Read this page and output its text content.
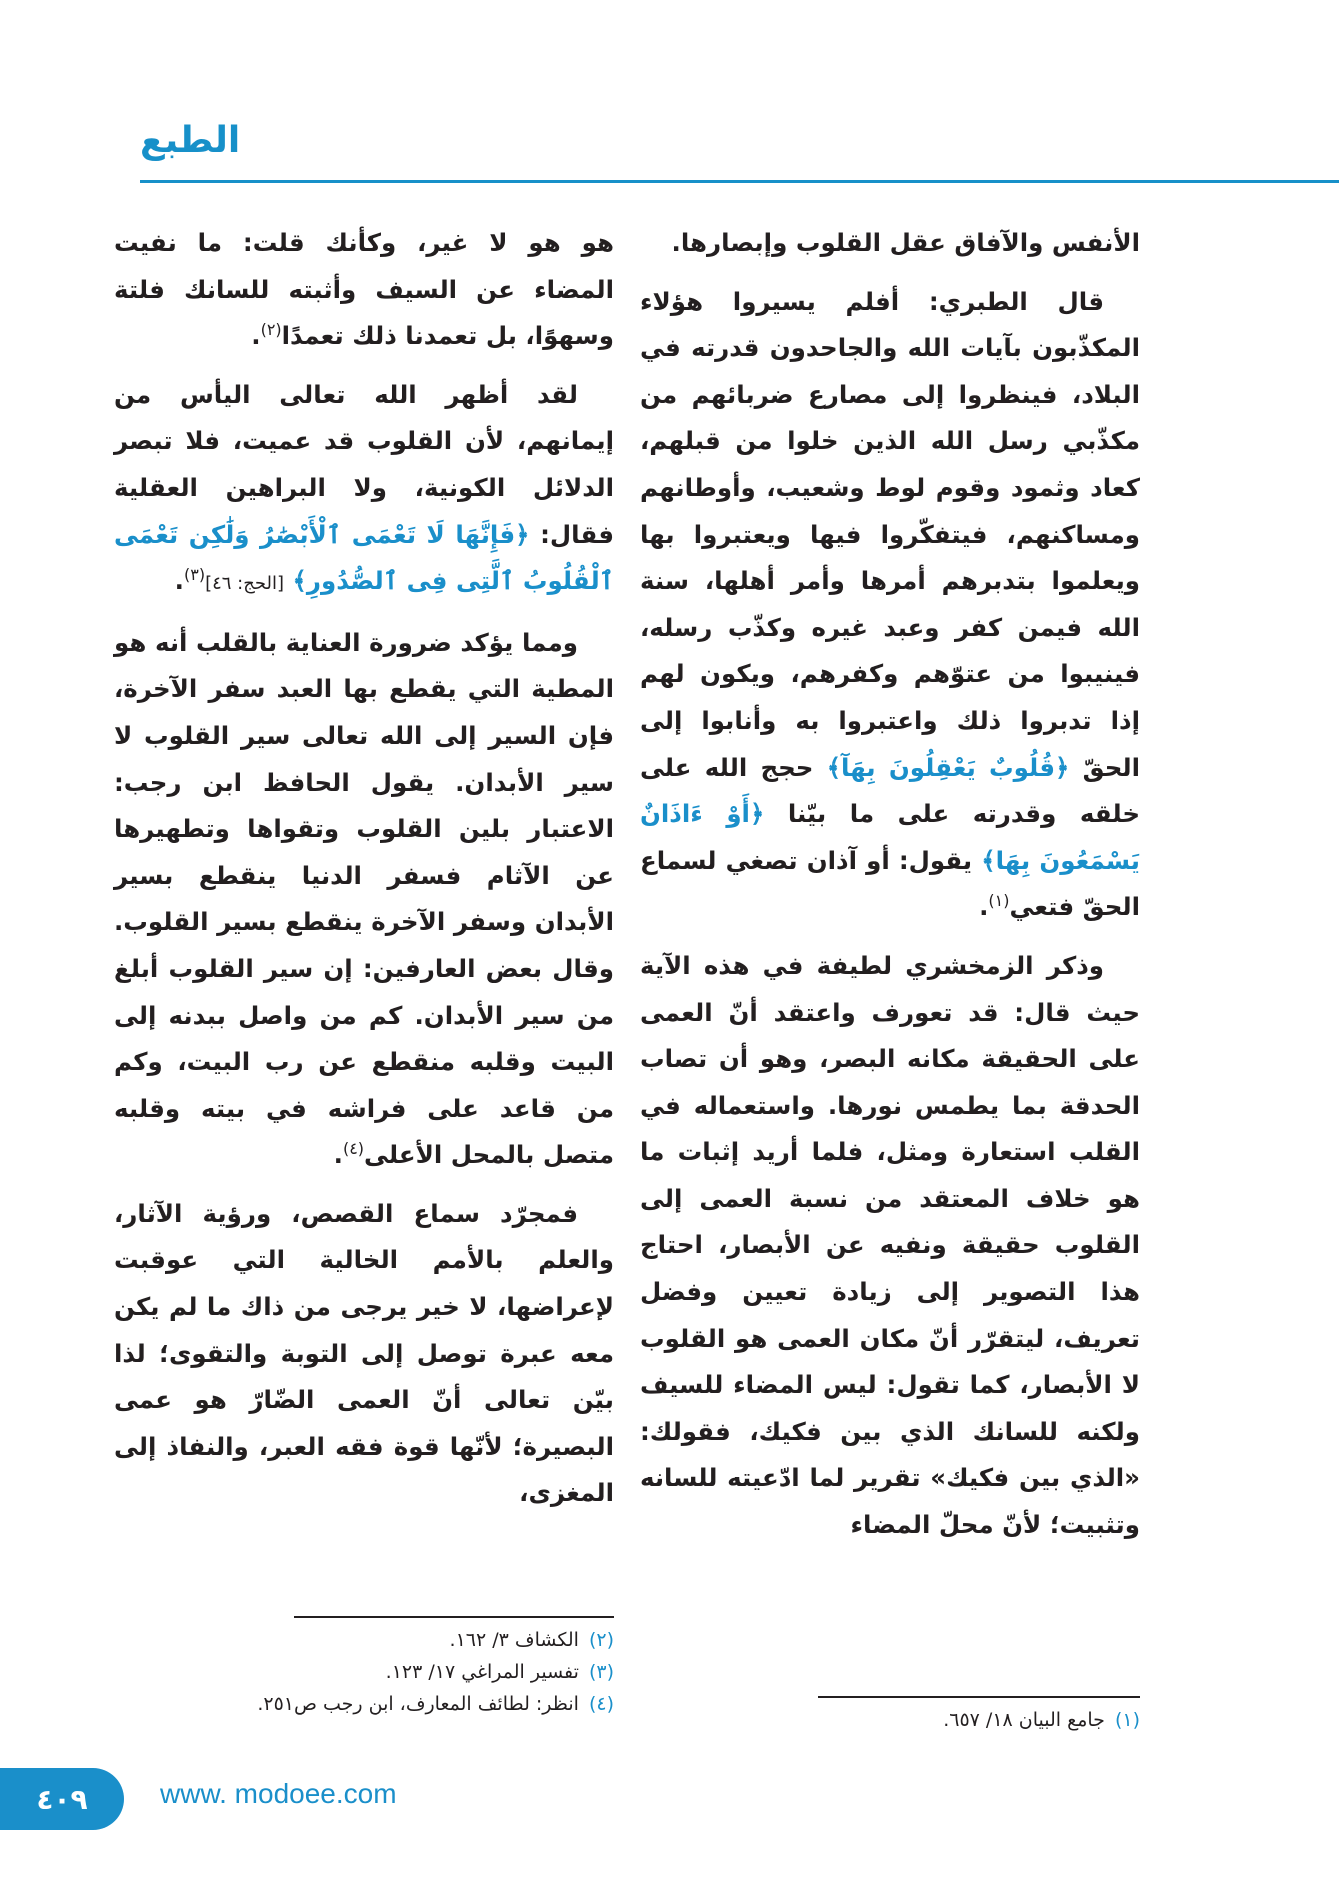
الطبع

الأنفس والآفاق عقل القلوب وإبصارها.

قال الطبري: أفلم يسيروا هؤلاء المكذّبون بآيات الله والجاحدون قدرته في البلاد، فينظروا إلى مصارع ضربائهم من مكذّبي رسل الله الذين خلوا من قبلهم، كعاد وثمود وقوم لوط وشعيب، وأوطانهم ومساكنهم، فيتفكّروا فيها ويعتبروا بها ويعلموا بتدبرهم أمرها وأمر أهلها، سنة الله فيمن كفر وعبد غيره وكذّب رسله، فينيبوا من عتوّهم وكفرهم، ويكون لهم إذا تدبروا ذلك واعتبروا به وأنابوا إلى الحقّ ﴿قُلُوبٌ يَعْقِلُونَ بِهَآ﴾ حجج الله على خلقه وقدرته على ما بيّنا ﴿أَوْ ءَاذَانٌ يَسْمَعُونَ بِهَا﴾ يقول: أو آذان تصغي لسماع الحقّ فتعي$^{(١)}$.

وذكر الزمخشري لطيفة في هذه الآية حيث قال: قد تعورف واعتقد أنّ العمى على الحقيقة مكانه البصر، وهو أن تصاب الحدقة بما يطمس نورها. واستعماله في القلب استعارة ومثل، فلما أريد إثبات ما هو خلاف المعتقد من نسبة العمى إلى القلوب حقيقة ونفيه عن الأبصار، احتاج هذا التصوير إلى زيادة تعيين وفضل تعريف، ليتقرّر أنّ مكان العمى هو القلوب لا الأبصار، كما تقول: ليس المضاء للسيف ولكنه للسانك الذي بين فكيك، فقولك: «الذي بين فكيك» تقرير لما ادّعيته للسانه وتثبيت؛ لأنّ محلّ المضاء

هو هو لا غير، وكأنك قلت: ما نفيت المضاء عن السيف وأثبته للسانك فلتة وسهوًا، بل تعمدنا ذلك تعمدًا$^{(٢)}$.

لقد أظهر الله تعالى اليأس من إيمانهم، لأن القلوب قد عميت، فلا تبصر الدلائل الكونية، ولا البراهين العقلية فقال: ﴿فَإِنَّهَا لَا تَعْمَى ٱلْأَبْصَٰرُ وَلَٰكِن تَعْمَى ٱلْقُلُوبُ ٱلَّتِى فِى ٱلصُّدُورِ﴾ [الحج: ٤٦]$^{(٣)}$.

ومما يؤكد ضرورة العناية بالقلب أنه هو المطية التي يقطع بها العبد سفر الآخرة، فإن السير إلى الله تعالى سير القلوب لا سير الأبدان. يقول الحافظ ابن رجب: الاعتبار بلين القلوب وتقواها وتطهيرها عن الآثام فسفر الدنيا ينقطع بسير الأبدان وسفر الآخرة ينقطع بسير القلوب. وقال بعض العارفين: إن سير القلوب أبلغ من سير الأبدان. كم من واصل ببدنه إلى البيت وقلبه منقطع عن رب البيت، وكم من قاعد على فراشه في بيته وقلبه متصل بالمحل الأعلى$^{(٤)}$.

فمجرّد سماع القصص، ورؤية الآثار، والعلم بالأمم الخالية التي عوقبت لإعراضها، لا خير يرجى من ذاك ما لم يكن معه عبرة توصل إلى التوبة والتقوى؛ لذا بيّن تعالى أنّ العمى الضّارّ هو عمى البصيرة؛ لأنّها قوة فقه العبر، والنفاذ إلى المغزى،

(٢)الكشاف ٣/ ١٦٢.
(٣)تفسير المراغي ١٧/ ١٢٣.
(٤)انظر: لطائف المعارف، ابن رجب ص٢٥١.
(١)جامع البيان ١٨/ ٦٥٧.
٤٠٩	www. modoee.com
